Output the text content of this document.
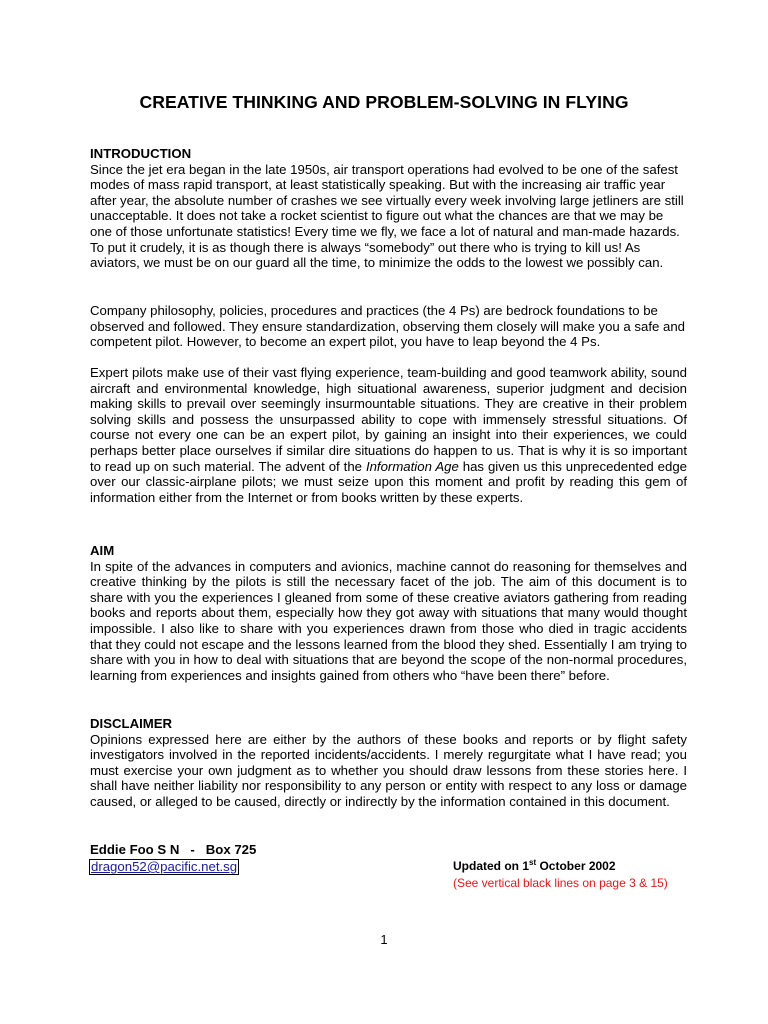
CREATIVE THINKING AND PROBLEM-SOLVING IN FLYING

INTRODUCTION

Since the jet era began in the late 1950s, air transport operations had evolved to be one of the safest modes of mass rapid transport, at least statistically speaking. But with the increasing air traffic year after year, the absolute number of crashes we see virtually every week involving large jetliners are still unacceptable. It does not take a rocket scientist to figure out what the chances are that we may be one of those unfortunate statistics! Every time we fly, we face a lot of natural and man-made hazards. To put it crudely, it is as though there is always “somebody” out there who is trying to kill us! As aviators, we must be on our guard all the time, to minimize the odds to the lowest we possibly can.

Company philosophy, policies, procedures and practices (the 4 Ps) are bedrock foundations to be observed and followed. They ensure standardization, observing them closely will make you a safe and competent pilot. However, to become an expert pilot, you have to leap beyond the 4 Ps.

Expert pilots make use of their vast flying experience, team-building and good teamwork ability, sound aircraft and environmental knowledge, high situational awareness, superior judgment and decision making skills to prevail over seemingly insurmountable situations. They are creative in their problem solving skills and possess the unsurpassed ability to cope with immensely stressful situations. Of course not every one can be an expert pilot, by gaining an insight into their experiences, we could perhaps better place ourselves if similar dire situations do happen to us. That is why it is so important to read up on such material. The advent of the Information Age has given us this unprecedented edge over our classic-airplane pilots; we must seize upon this moment and profit by reading this gem of information either from the Internet or from books written by these experts.

AIM

In spite of the advances in computers and avionics, machine cannot do reasoning for themselves and creative thinking by the pilots is still the necessary facet of the job. The aim of this document is to share with you the experiences I gleaned from some of these creative aviators gathering from reading books and reports about them, especially how they got away with situations that many would thought impossible. I also like to share with you experiences drawn from those who died in tragic accidents that they could not escape and the lessons learned from the blood they shed. Essentially I am trying to share with you in how to deal with situations that are beyond the scope of the non-normal procedures, learning from experiences and insights gained from others who “have been there” before.

DISCLAIMER

Opinions expressed here are either by the authors of these books and reports or by flight safety investigators involved in the reported incidents/accidents. I merely regurgitate what I have read; you must exercise your own judgment as to whether you should draw lessons from these stories here. I shall have neither liability nor responsibility to any person or entity with respect to any loss or damage caused, or alleged to be caused, directly or indirectly by the information contained in this document.

Eddie Foo S N   -   Box 725
dragon52@pacific.net.sg	Updated on 1st October 2002
(See vertical black lines on page 3 & 15)
1
